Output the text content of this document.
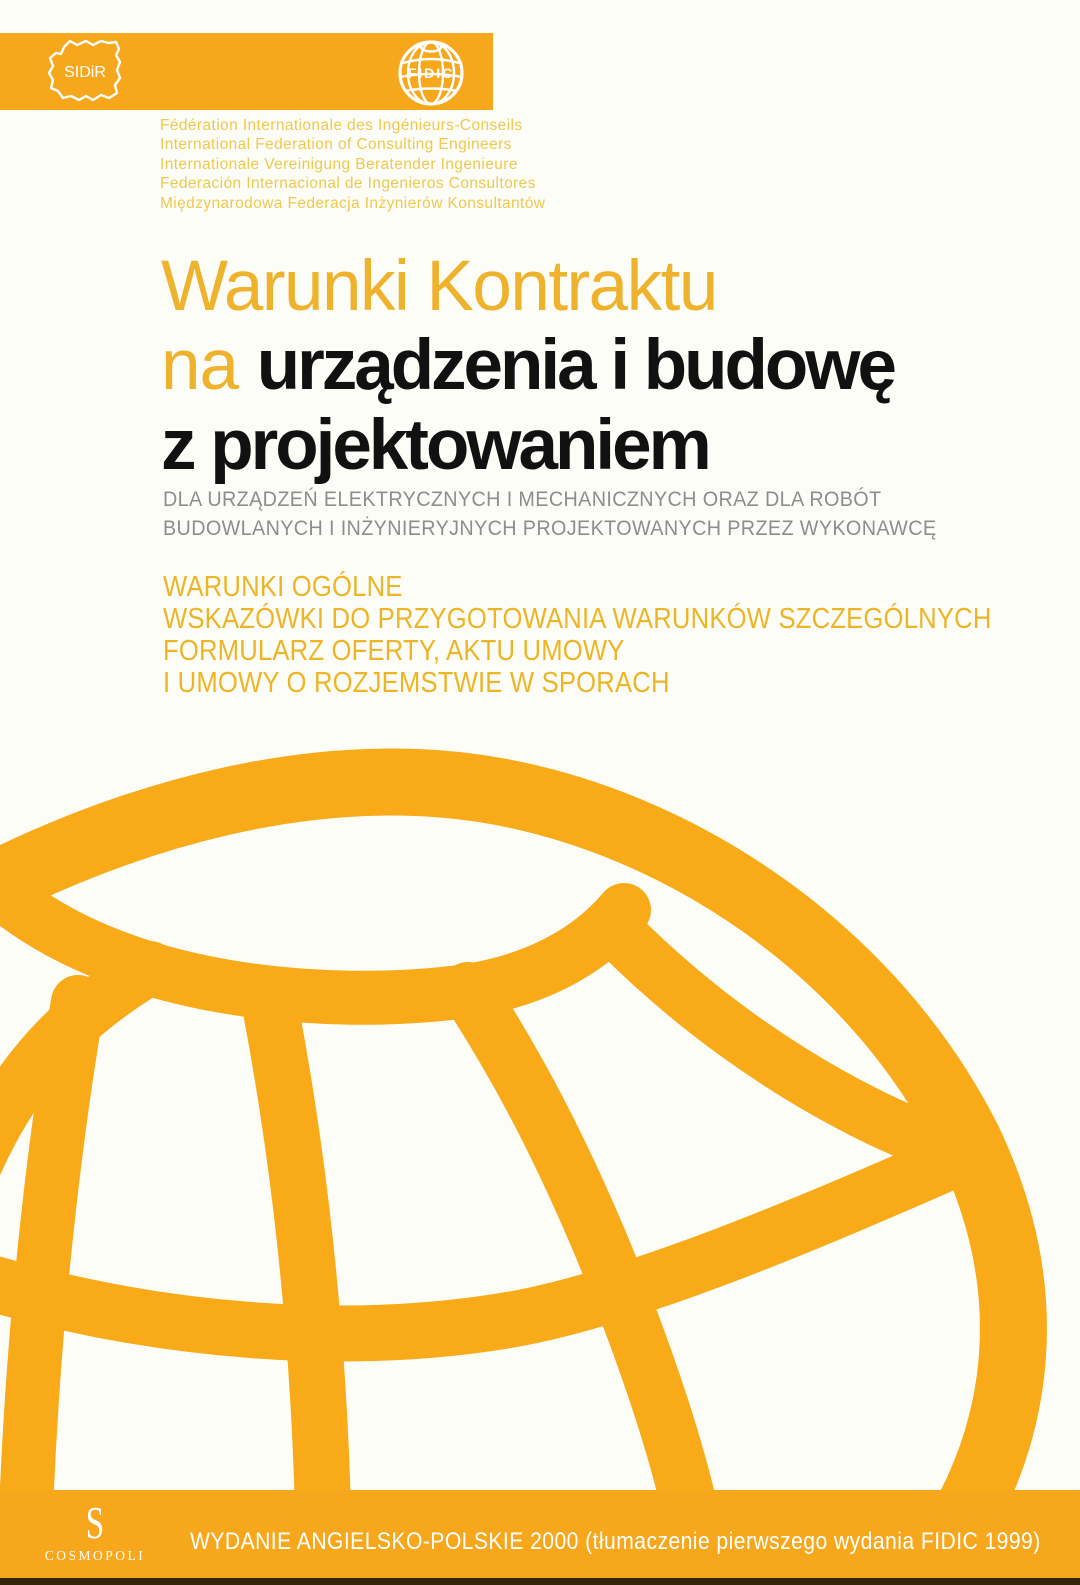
SIDiR	FIDIC
Fédération Internationale des Ingénieurs-Conseils
International Federation of Consulting Engineers
Internationale Vereinigung Beratender Ingenieure
Federación Internacional de Ingenieros Consultores
Międzynarodowa Federacja Inżynierów Konsultantów
Warunki Kontraktu
na urządzenia i budowę
z projektowaniem
DLA URZĄDZEŃ ELEKTRYCZNYCH I MECHANICZNYCH ORAZ DLA ROBÓT
BUDOWLANYCH I INŻYNIERYJNYCH PROJEKTOWANYCH PRZEZ WYKONAWCĘ
WARUNKI OGÓLNE
WSKAZÓWKI DO PRZYGOTOWANIA WARUNKÓW SZCZEGÓLNYCH
FORMULARZ OFERTY, AKTU UMOWY
I UMOWY O ROZJEMSTWIE W SPORACH
S
COSMOPOLI
WYDANIE ANGIELSKO-POLSKIE 2000 (tłumaczenie pierwszego wydania FIDIC 1999)
